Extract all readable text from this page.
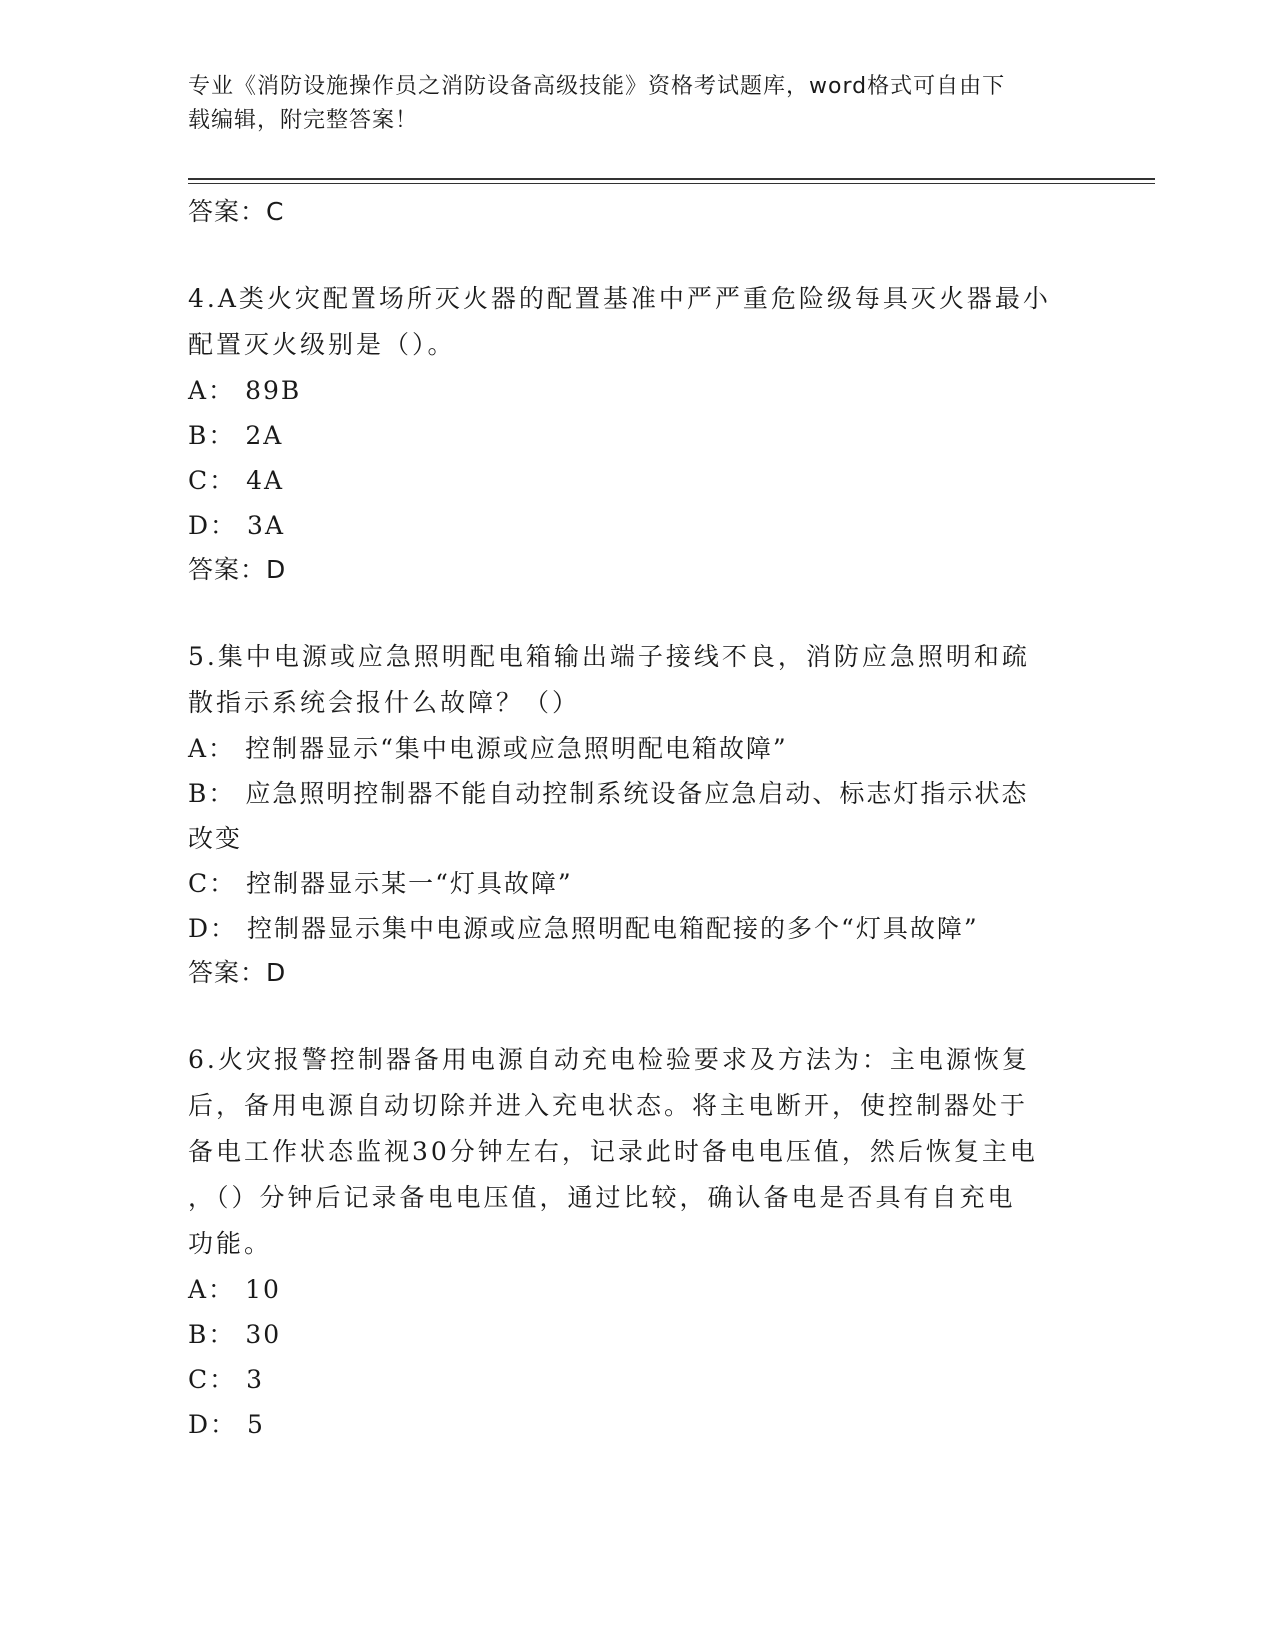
专业《消防设施操作员之消防设备高级技能》资格考试题库，word格式可自由下
载编辑，附完整答案！
答案：C
4.A类火灾配置场所灭火器的配置基准中严严重危险级每具灭火器最小
配置灭火级别是（）。
A： 89B
B： 2A
C： 4A
D： 3A
答案：D
5.集中电源或应急照明配电箱输出端子接线不良，消防应急照明和疏
散指示系统会报什么故障？（）
A： 控制器显示“集中电源或应急照明配电箱故障”
B： 应急照明控制器不能自动控制系统设备应急启动、标志灯指示状态
改变
C： 控制器显示某一“灯具故障”
D： 控制器显示集中电源或应急照明配电箱配接的多个“灯具故障”
答案：D
6.火灾报警控制器备用电源自动充电检验要求及方法为：主电源恢复
后，备用电源自动切除并进入充电状态。将主电断开，使控制器处于
备电工作状态监视30分钟左右，记录此时备电电压值，然后恢复主电
，（）分钟后记录备电电压值，通过比较，确认备电是否具有自充电
功能。
A： 10
B： 30
C： 3
D： 5
